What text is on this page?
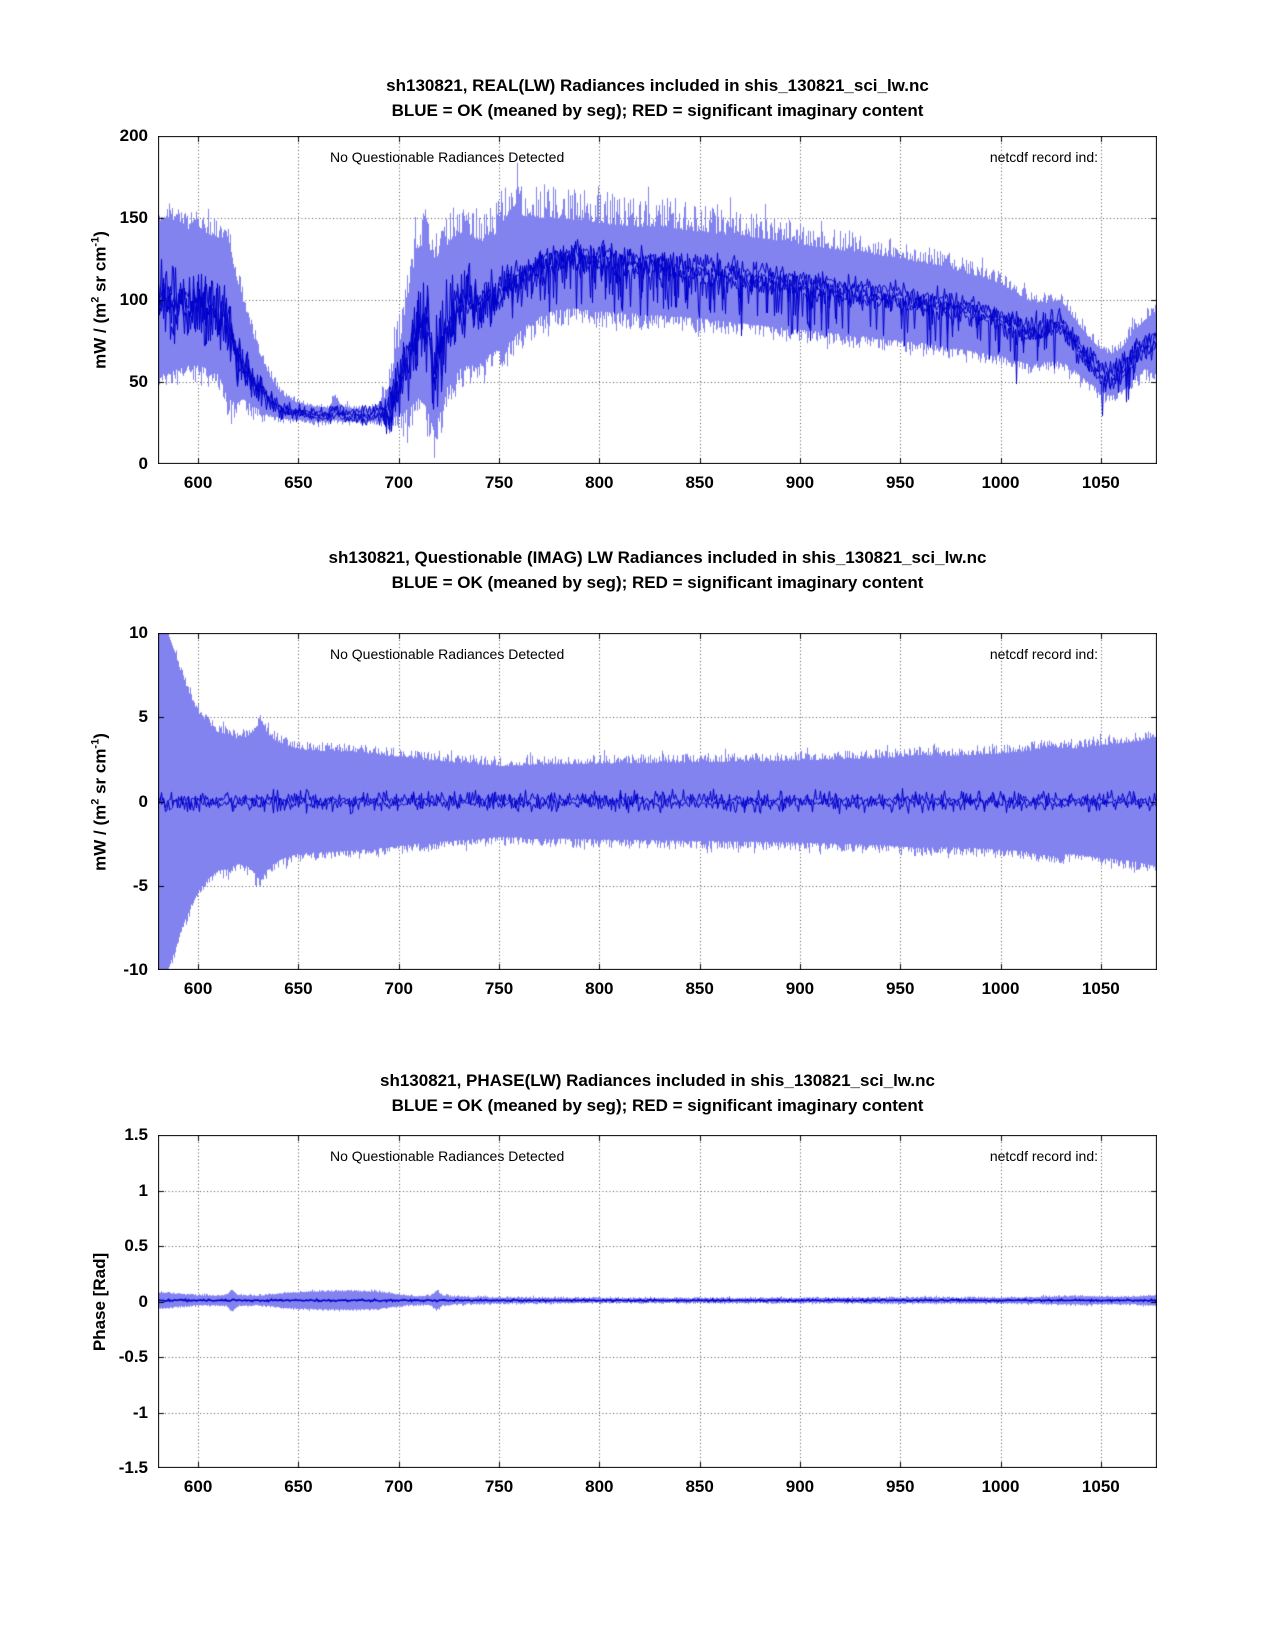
sh130821, REAL(LW) Radiances included in shis_130821_sci_lw.nc
BLUE = OK (meaned by seg); RED = significant imaginary content
No Questionable Radiances Detected	netcdf record ind:
mW / ($m^2$ sr $cm^{-1}$)
600	650	700	750	800	850	900	950	1000	1050
0
50
100
150
200
sh130821, Questionable (IMAG) LW Radiances included in shis_130821_sci_lw.nc
BLUE = OK (meaned by seg); RED = significant imaginary content
No Questionable Radiances Detected	netcdf record ind:
mW / ($m^2$ sr $cm^{-1}$)
600	650	700	750	800	850	900	950	1000	1050
-10
-5
0
5
10
sh130821, PHASE(LW) Radiances included in shis_130821_sci_lw.nc
BLUE = OK (meaned by seg); RED = significant imaginary content
No Questionable Radiances Detected	netcdf record ind:
Phase [Rad]
600	650	700	750	800	850	900	950	1000	1050
-1.5
-1
-0.5
0
0.5
1
1.5
